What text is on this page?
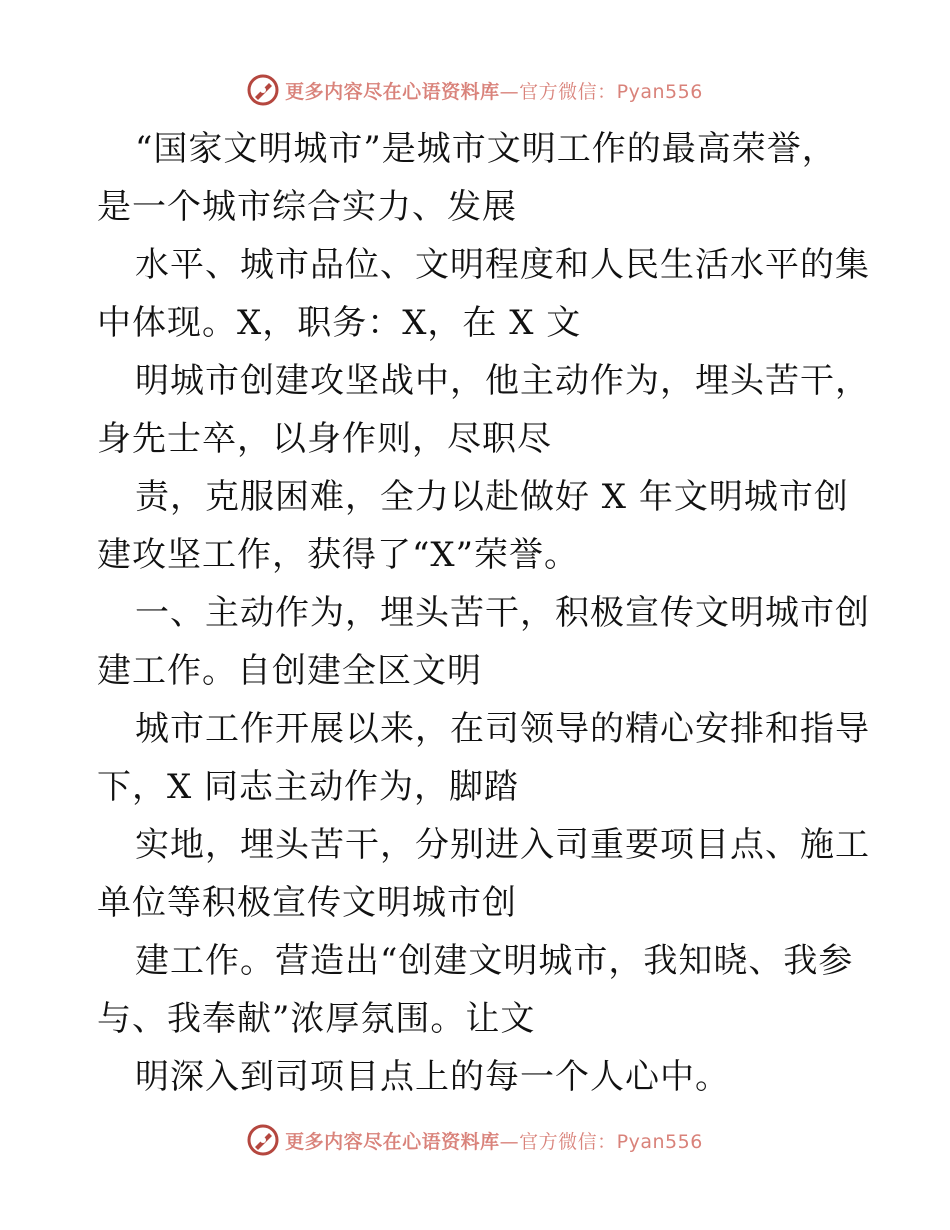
更多内容尽在心语资料库—官方微信：Pyan556
“国家文明城市”是城市文明工作的最高荣誉，
是一个城市综合实力、发展
水平、城市品位、文明程度和人民生活水平的集
中体现。X，职务：X，在 X 文
明城市创建攻坚战中，他主动作为，埋头苦干，
身先士卒，以身作则，尽职尽
责，克服困难，全力以赴做好 X 年文明城市创
建攻坚工作，获得了“X”荣誉。
一、主动作为，埋头苦干，积极宣传文明城市创
建工作。自创建全区文明
城市工作开展以来，在司领导的精心安排和指导
下，X 同志主动作为，脚踏
实地，埋头苦干，分别进入司重要项目点、施工
单位等积极宣传文明城市创
建工作。营造出“创建文明城市，我知晓、我参
与、我奉献”浓厚氛围。让文
明深入到司项目点上的每一个人心中。
更多内容尽在心语资料库—官方微信：Pyan556
